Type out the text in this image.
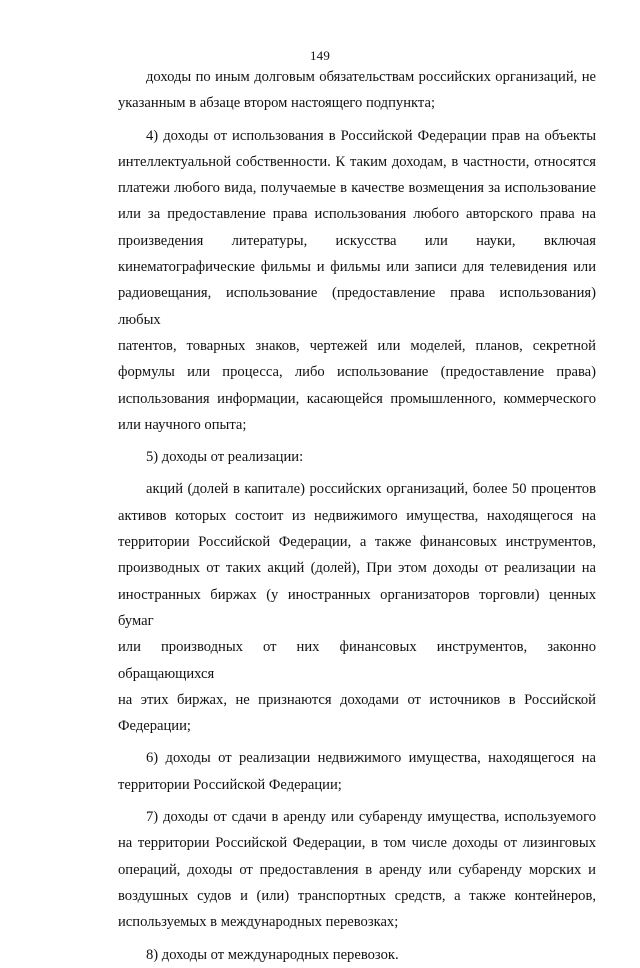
149
доходы по иным долговым обязательствам российских организаций, не
указанным в абзаце втором настоящего подпункта;
4) доходы от использования в Российской Федерации прав на объекты
интеллектуальной собственности. К таким доходам, в частности, относятся
платежи любого вида, получаемые в качестве возмещения за использование
или за предоставление права использования любого авторского права на
произведения литературы, искусства или науки, включая
кинематографические фильмы и фильмы или записи для телевидения или
радиовещания, использование (предоставление права использования) любых
патентов, товарных знаков, чертежей или моделей, планов, секретной
формулы или процесса, либо использование (предоставление права)
использования информации, касающейся промышленного, коммерческого
или научного опыта;
5) доходы от реализации:
акций (долей в капитале) российских организаций, более 50 процентов
активов которых состоит из недвижимого имущества, находящегося на
территории Российской Федерации, а также финансовых инструментов,
производных от таких акций (долей), При этом доходы от реализации на
иностранных биржах (у иностранных организаторов торговли) ценных бумаг
или производных от них финансовых инструментов, законно обращающихся
на этих биржах, не признаются доходами от источников в Российской
Федерации;
6) доходы от реализации недвижимого имущества, находящегося на
территории Российской Федерации;
7) доходы от сдачи в аренду или субаренду имущества, используемого
на территории Российской Федерации, в том числе доходы от лизинговых
операций, доходы от предоставления в аренду или субаренду морских и
воздушных судов и (или) транспортных средств, а также контейнеров,
используемых в международных перевозках;
8) доходы от международных перевозок.
